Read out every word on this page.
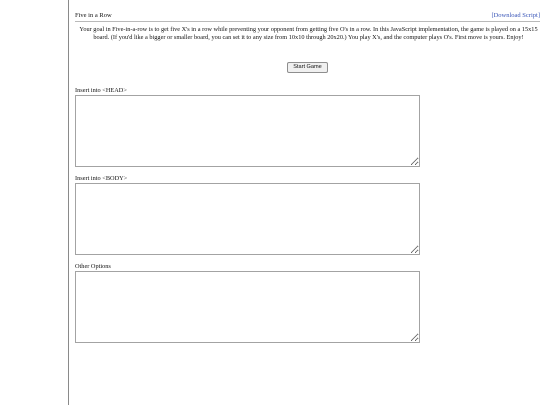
Five in a Row	[Download Script]

Your goal in Five-in-a-row is to get five X's in a row while preventing your opponent from getting five O's in a row. In this JavaScript implementation, the game is played on a 15x15 board. (If you'd like a bigger or smaller board, you can set it to any size from 10x10 through 20x20.) You play X's, and the computer plays O's. First move is yours. Enjoy!

Start Game
Insert into <HEAD>
Insert into <BODY>
Other Options
